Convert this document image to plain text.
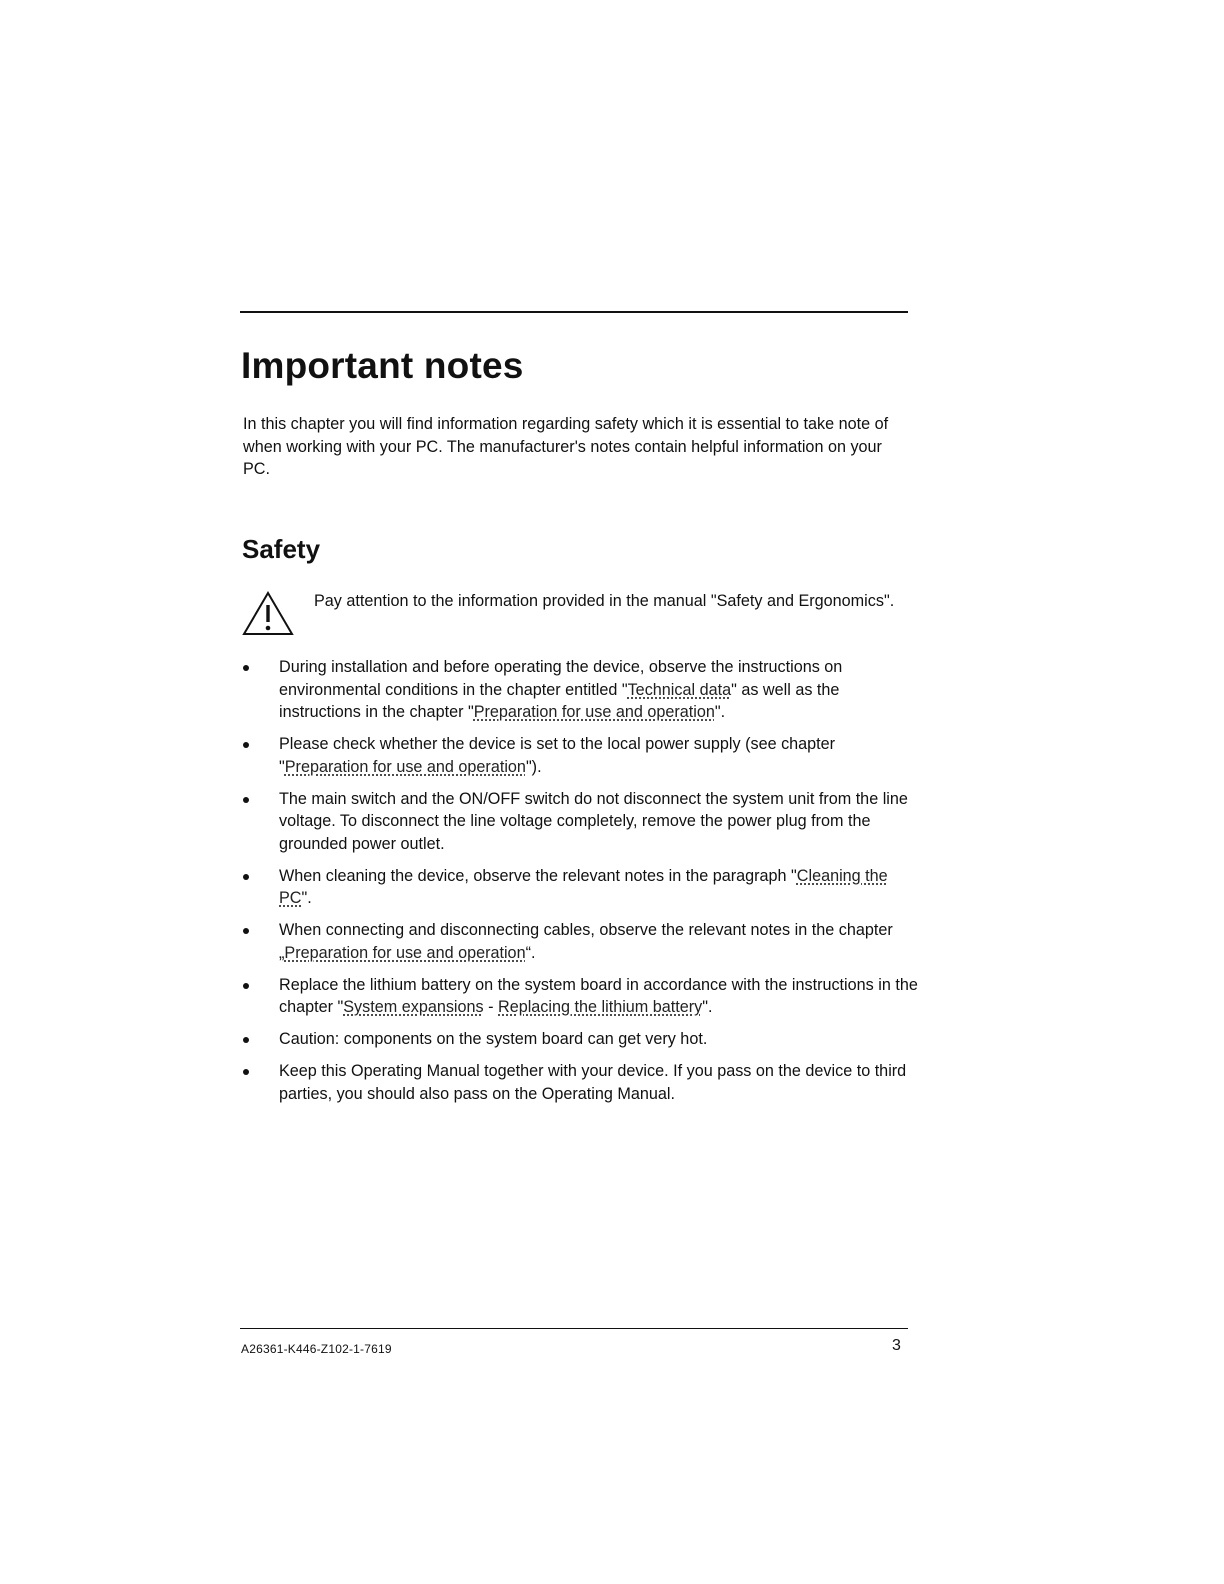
Important notes

In this chapter you will find information regarding safety which it is essential to take note of when working with your PC. The manufacturer's notes contain helpful information on your PC.

Safety

Pay attention to the information provided in the manual "Safety and Ergonomics".

During installation and before operating the device, observe the instructions on environmental conditions in the chapter entitled "Technical data" as well as the instructions in the chapter "Preparation for use and operation".
Please check whether the device is set to the local power supply (see chapter "Preparation for use and operation").
The main switch and the ON/OFF switch do not disconnect the system unit from the line voltage. To disconnect the line voltage completely, remove the power plug from the grounded power outlet.
When cleaning the device, observe the relevant notes in the paragraph "Cleaning the PC".
When connecting and disconnecting cables, observe the relevant notes in the chapter „Preparation for use and operation“.
Replace the lithium battery on the system board in accordance with the instructions in the chapter "System expansions - Replacing the lithium battery".
Caution: components on the system board can get very hot.
Keep this Operating Manual together with your device. If you pass on the device to third parties, you should also pass on the Operating Manual.
A26361-K446-Z102-1-7619	3
